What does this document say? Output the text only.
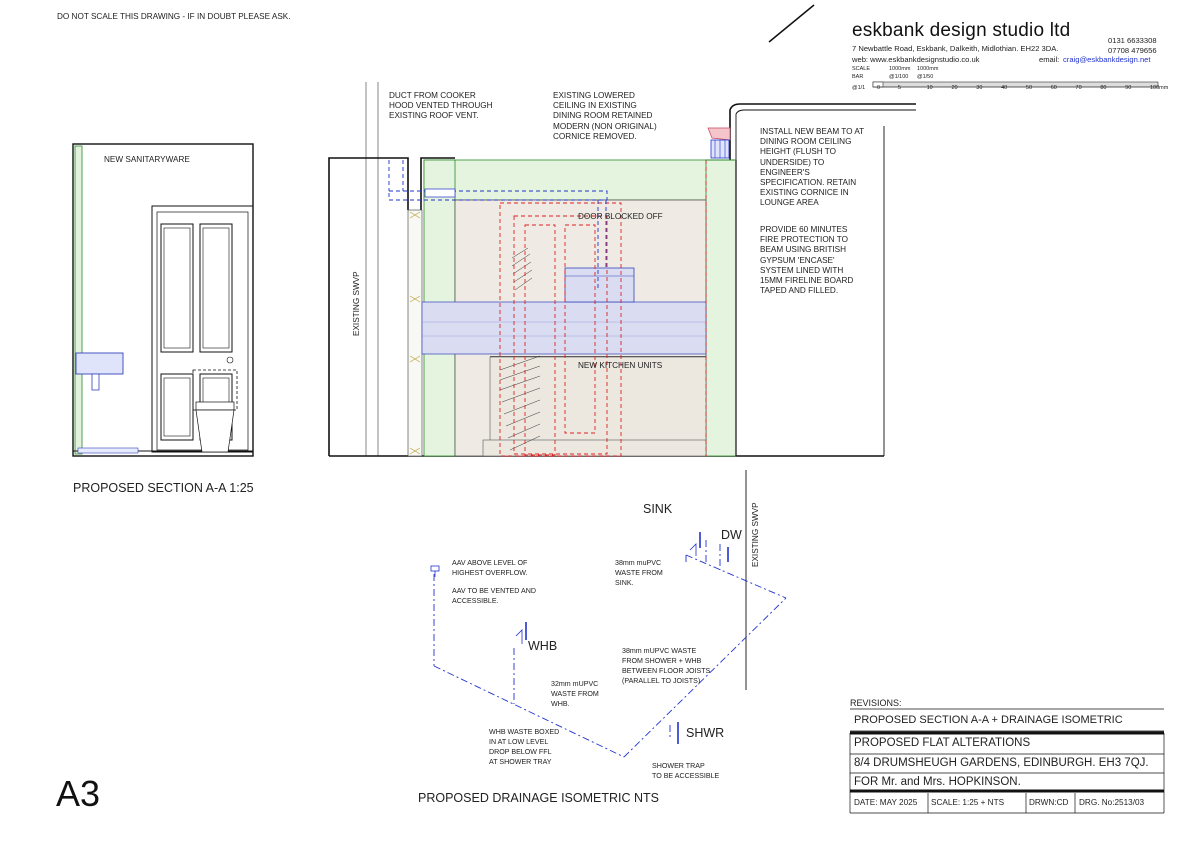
DO NOT SCALE THIS DRAWING - IF IN DOUBT PLEASE ASK.
eskbank design studio ltd
7 Newbattle Road, Eskbank, Dalkeith, Midlothian. EH22 3DA.
web: www.eskbankdesignstudio.co.uk	email: craig@eskbankdesign.net
0131 6633308
07708 479656
SCALE
BAR
@1/1
1000mm 1000mm
@1/100 @1/50
0	5	10	20	30	40	50	60	70	80	90	100mm
NEW SANITARYWARE
DUCT FROM COOKER
HOOD VENTED THROUGH
EXISTING ROOF VENT.
EXISTING LOWERED
CEILING IN EXISTING
DINING ROOM RETAINED
MODERN (NON ORIGINAL)
CORNICE REMOVED.
INSTALL NEW BEAM TO AT
DINING ROOM CEILING
HEIGHT (FLUSH TO
UNDERSIDE) TO
ENGINEER'S
SPECIFICATION. RETAIN
EXISTING CORNICE IN
LOUNGE AREA
PROVIDE 60 MINUTES
FIRE PROTECTION TO
BEAM USING BRITISH
GYPSUM 'ENCASE'
SYSTEM LINED WITH
15MM FIRELINE BOARD
TAPED AND FILLED.
DOOR BLOCKED OFF
NEW KITCHEN UNITS
EXISTING SWVP
PROPOSED SECTION A-A 1:25
SINK
DW
WHB
SHWR
EXISTING SWVP
AAV ABOVE LEVEL OF
HIGHEST OVERFLOW.
AAV TO BE VENTED AND
ACCESSIBLE.
38mm muPVC
WASTE FROM
SINK.
38mm mUPVC WASTE
FROM SHOWER + WHB
BETWEEN FLOOR JOISTS
(PARALLEL TO JOISTS)
32mm mUPVC
WASTE FROM
WHB.
WHB WASTE BOXED
IN AT LOW LEVEL
DROP BELOW FFL
AT SHOWER TRAY	SHOWER TRAP
TO BE ACCESSIBLE
PROPOSED DRAINAGE ISOMETRIC NTS
A3
REVISIONS:
PROPOSED SECTION A-A + DRAINAGE ISOMETRIC
PROPOSED FLAT ALTERATIONS
8/4 DRUMSHEUGH GARDENS, EDINBURGH. EH3 7QJ.
FOR Mr. and Mrs. HOPKINSON.
DATE: MAY 2025 SCALE: 1:25 + NTS	DRWN:CD DRG. No:2513/03
